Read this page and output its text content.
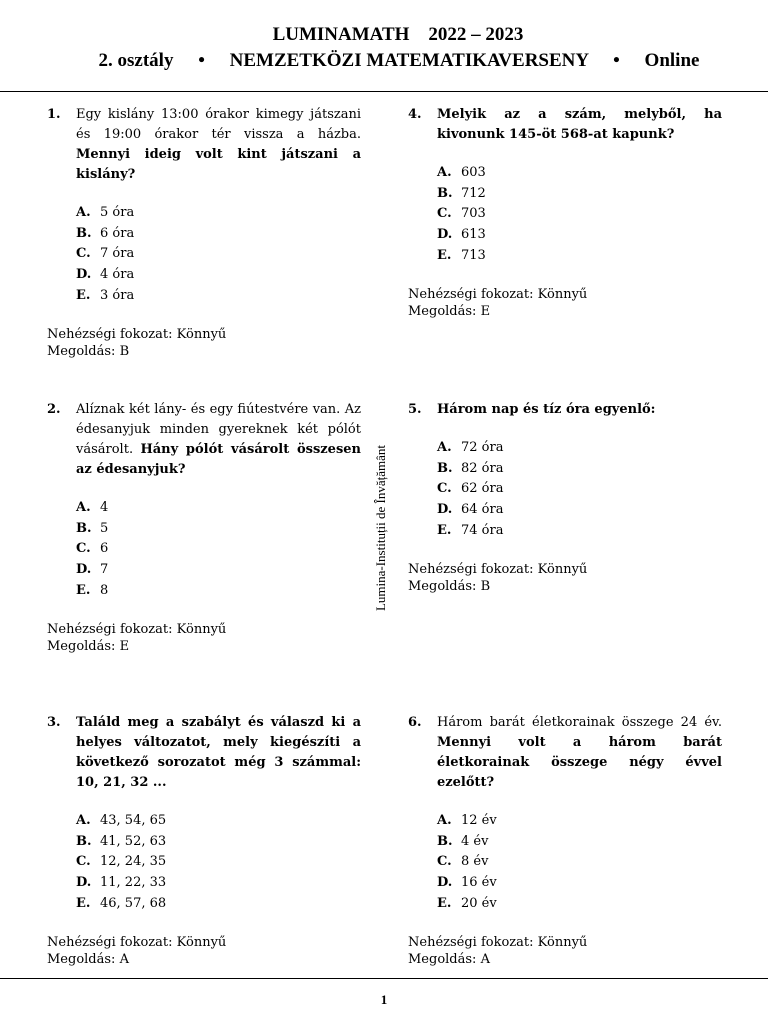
LUMINAMATH 2022 – 2023
2. osztály • NEMZETKÖZI MATEMATIKAVERSENY • Online
1. Egy kislány 13:00 órakor kimegy játszani és 19:00 órakor tér vissza a házba. Mennyi ideig volt kint játszani a kislány?
A. 5 óra
B. 6 óra
C. 7 óra
D. 4 óra
E. 3 óra
Nehézségi fokozat: Könnyű
Megoldás: B
2. Alíznak két lány- és egy fiútestvére van. Az édesanyjuk minden gyereknek két pólót vásárolt. Hány pólót vásárolt összesen az édesanyjuk?
A. 4
B. 5
C. 6
D. 7
E. 8
Nehézségi fokozat: Könnyű
Megoldás: E
3. Találd meg a szabályt és válaszd ki a helyes változatot, mely kiegészíti a következő sorozatot még 3 számmal: 10, 21, 32 ...
A. 43, 54, 65
B. 41, 52, 63
C. 12, 24, 35
D. 11, 22, 33
E. 46, 57, 68
Nehézségi fokozat: Könnyű
Megoldás: A
4. Melyik az a szám, melyből, ha kivonunk 145-öt 568-at kapunk?
A. 603
B. 712
C. 703
D. 613
E. 713
Nehézségi fokozat: Könnyű
Megoldás: E
5. Három nap és tíz óra egyenlő:
A. 72 óra
B. 82 óra
C. 62 óra
D. 64 óra
E. 74 óra
Nehézségi fokozat: Könnyű
Megoldás: B
6. Három barát életkorainak összege 24 év. Mennyi volt a három barát életkorainak összege négy évvel ezelőtt?
A. 12 év
B. 4 év
C. 8 év
D. 16 év
E. 20 év
Nehézségi fokozat: Könnyű
Megoldás: A
Lumina-Instituții de Învățământ
1
